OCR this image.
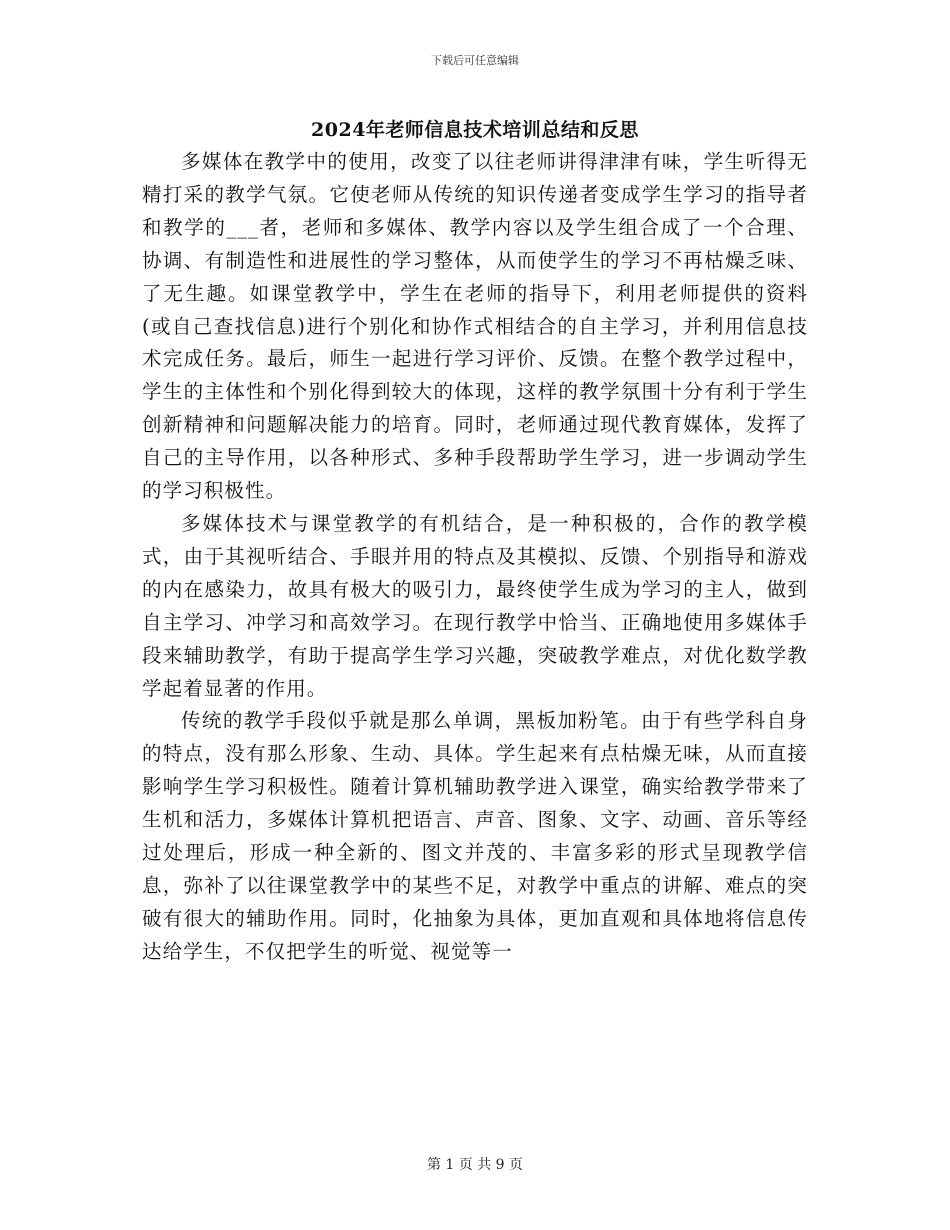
下载后可任意编辑
2024年老师信息技术培训总结和反思

多媒体在教学中的使用，改变了以往老师讲得津津有味，学生听得无精打采的教学气氛。它使老师从传统的知识传递者变成学生学习的指导者和教学的___者，老师和多媒体、教学内容以及学生组合成了一个合理、协调、有制造性和进展性的学习整体，从而使学生的学习不再枯燥乏味、了无生趣。如课堂教学中，学生在老师的指导下，利用老师提供的资料(或自己查找信息)进行个别化和协作式相结合的自主学习，并利用信息技术完成任务。最后，师生一起进行学习评价、反馈。在整个教学过程中，学生的主体性和个别化得到较大的体现，这样的教学氛围十分有利于学生创新精神和问题解决能力的培育。同时，老师通过现代教育媒体，发挥了自己的主导作用，以各种形式、多种手段帮助学生学习，进一步调动学生的学习积极性。

多媒体技术与课堂教学的有机结合，是一种积极的，合作的教学模式，由于其视听结合、手眼并用的特点及其模拟、反馈、个别指导和游戏的内在感染力，故具有极大的吸引力，最终使学生成为学习的主人，做到自主学习、冲学习和高效学习。在现行教学中恰当、正确地使用多媒体手段来辅助教学，有助于提高学生学习兴趣，突破教学难点，对优化数学教学起着显著的作用。

传统的教学手段似乎就是那么单调，黑板加粉笔。由于有些学科自身的特点，没有那么形象、生动、具体。学生起来有点枯燥无味，从而直接影响学生学习积极性。随着计算机辅助教学进入课堂，确实给教学带来了生机和活力，多媒体计算机把语言、声音、图象、文字、动画、音乐等经过处理后，形成一种全新的、图文并茂的、丰富多彩的形式呈现教学信息，弥补了以往课堂教学中的某些不足，对教学中重点的讲解、难点的突破有很大的辅助作用。同时，化抽象为具体，更加直观和具体地将信息传达给学生，不仅把学生的听觉、视觉等一

第 1 页 共 9 页
